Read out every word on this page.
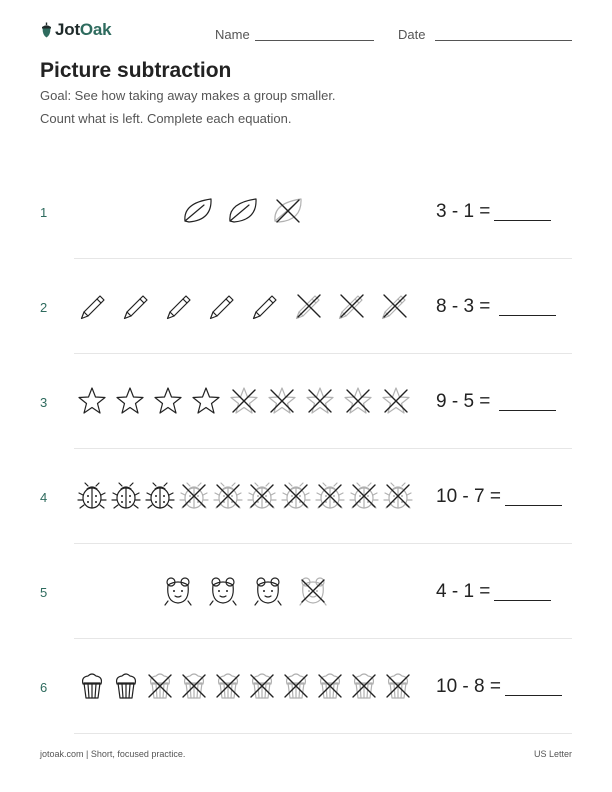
JotOak	Name	Date
Picture subtraction
Goal: See how taking away makes a group smaller.
Count what is left. Complete each equation.
1	3 - 1 =
2	8 - 3 =
3	9 - 5 =
4	10 - 7 =
5	4 - 1 =
6	10 - 8 =
jotoak.com | Short, focused practice.	US Letter
